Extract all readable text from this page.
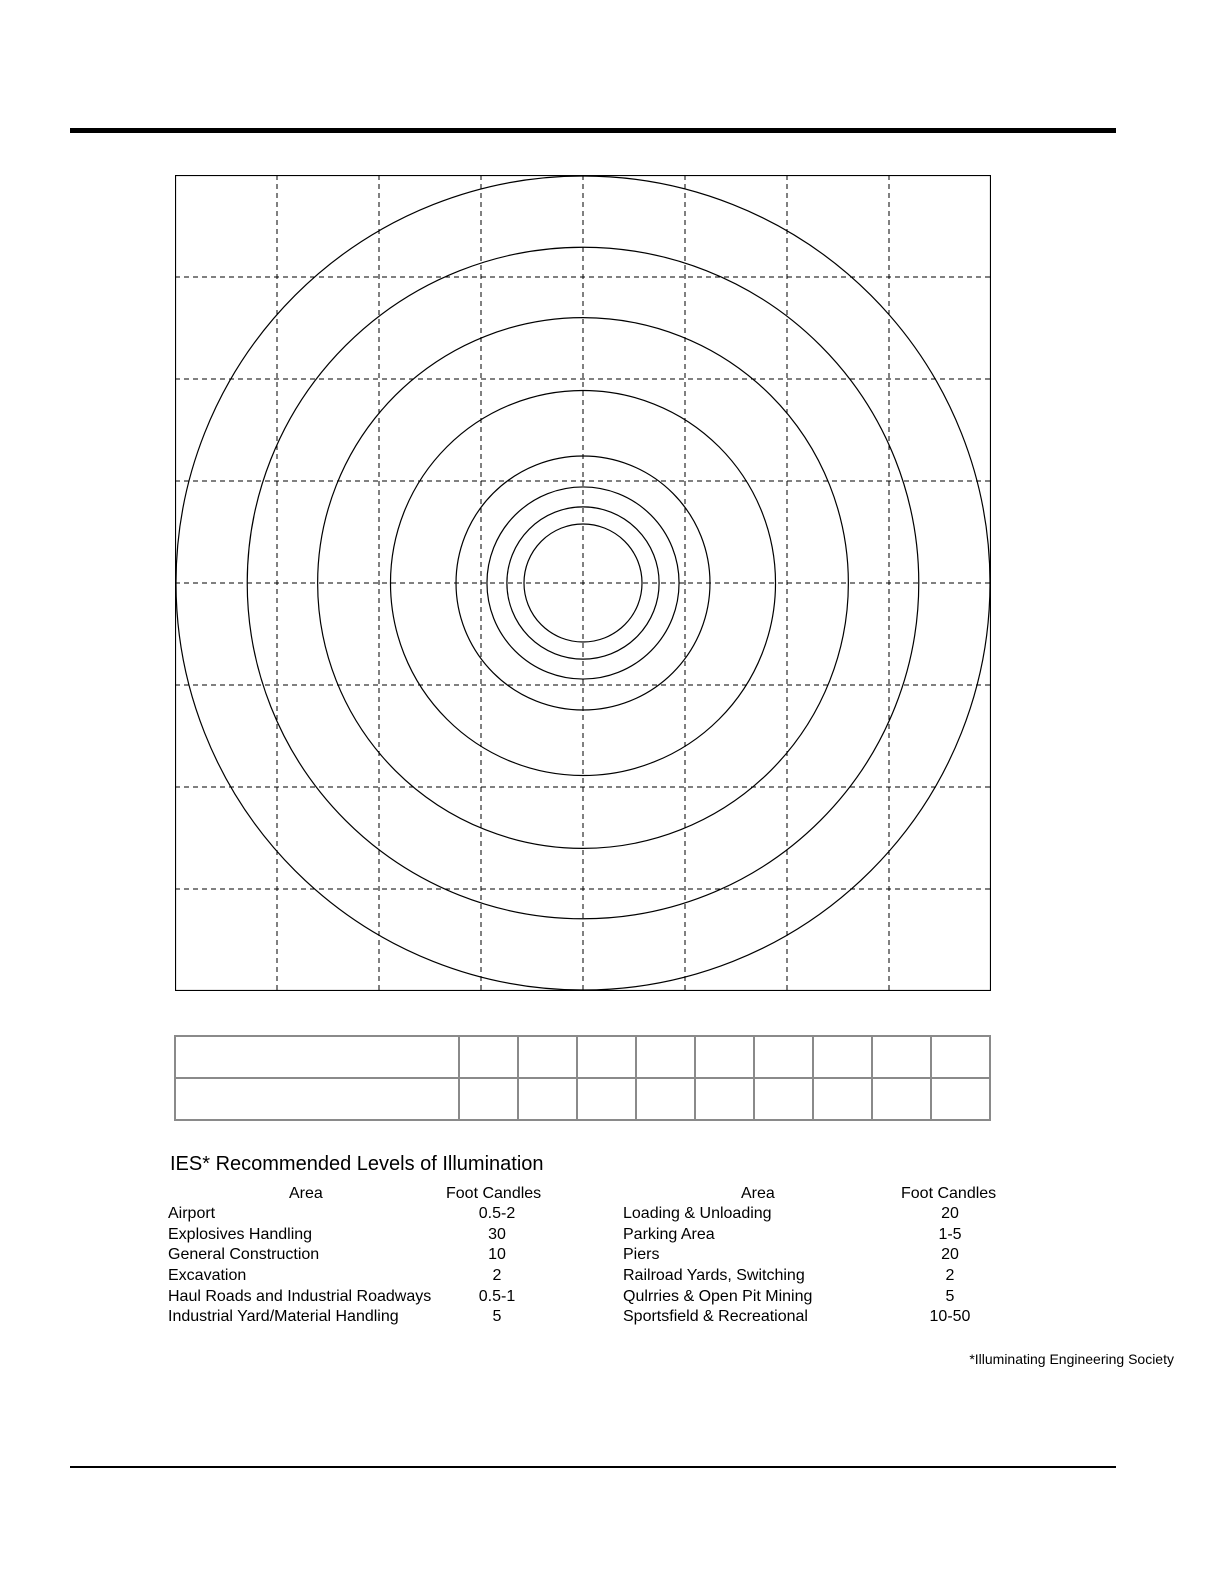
IES* Recommended Levels of Illumination
Area	Foot Candles
Airport	0.5-2
Explosives Handling	30
General Construction	10
Excavation	2
Haul Roads and Industrial Roadways	0.5-1
Industrial Yard/Material Handling	5
Area	Foot Candles
Loading & Unloading	20
Parking Area	1-5
Piers	20
Railroad Yards, Switching	2
Qulrries & Open Pit Mining	5
Sportsfield & Recreational	10-50
*Illuminating Engineering Society
